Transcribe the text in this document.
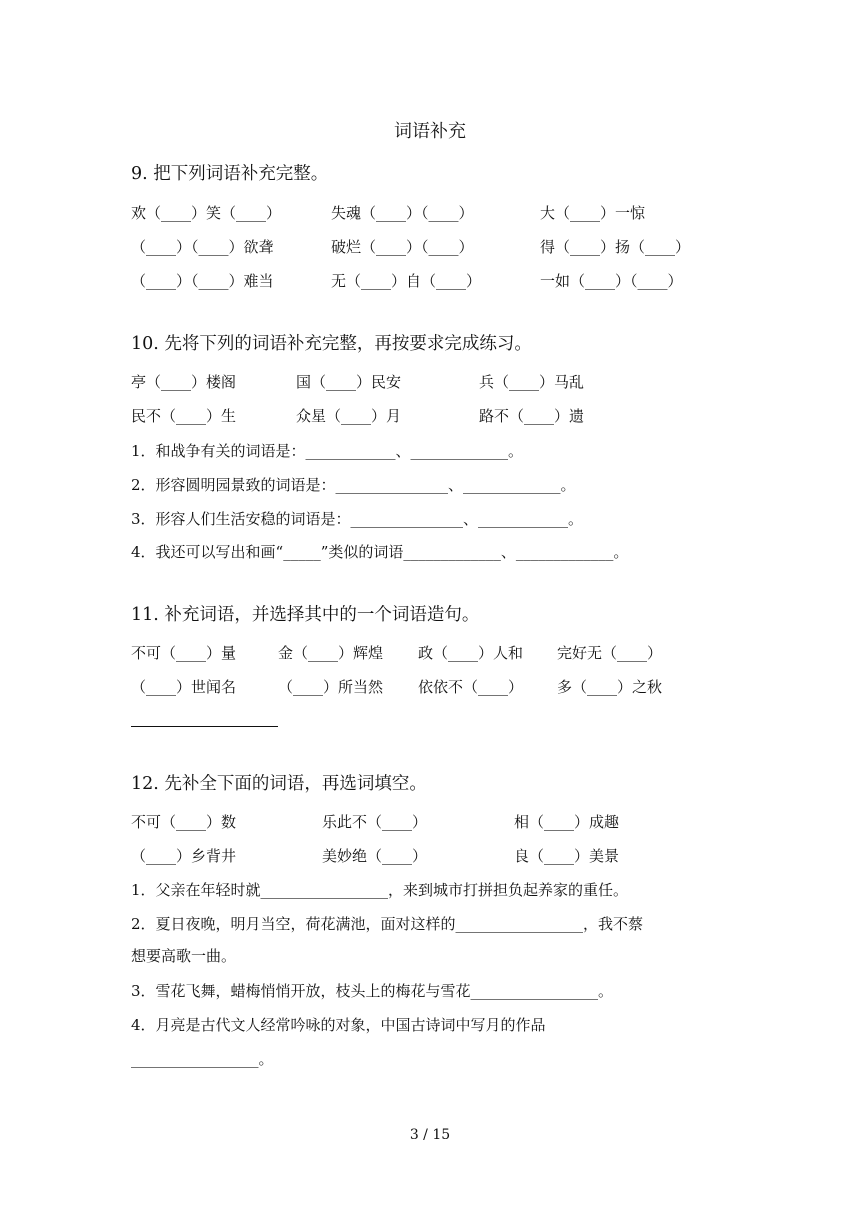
词语补充
9. 把下列词语补充完整。
欢（____）笑（____）	失魂（____）（____）	大（____）一惊
（____）（____）欲聋	破烂（____）（____）	得（____）扬（____）
（____）（____）难当	无（____）自（____）	一如（____）（____）
10. 先将下列的词语补充完整，再按要求完成练习。
亭（____）楼阁	国（____）民安	兵（____）马乱
民不（____）生	众星（____）月	路不（____）遗
1．和战争有关的词语是：____________、_____________。
2．形容圆明园景致的词语是：_______________、_____________。
3．形容人们生活安稳的词语是：_______________、____________。
4．我还可以写出和画“_____”类似的词语_____________、_____________。
11. 补充词语，并选择其中的一个词语造句。
不可（____）量	金（____）辉煌 政（____）人和 完好无（____）
（____）世闻名	（____）所当然 依依不（____） 多（____）之秋
12. 先补全下面的词语，再选词填空。
不可（____）数	乐此不（____）	相（____）成趣
（____）乡背井	美妙绝（____）	良（____）美景
1．父亲在年轻时就_________________，来到城市打拼担负起养家的重任。
2．夏日夜晚，明月当空，荷花满池，面对这样的_________________，我不蔡
想要高歌一曲。
3．雪花飞舞，蜡梅悄悄开放，枝头上的梅花与雪花_________________。
4．月亮是古代文人经常吟咏的对象，中国古诗词中写月的作品
_________________。
3 / 15
